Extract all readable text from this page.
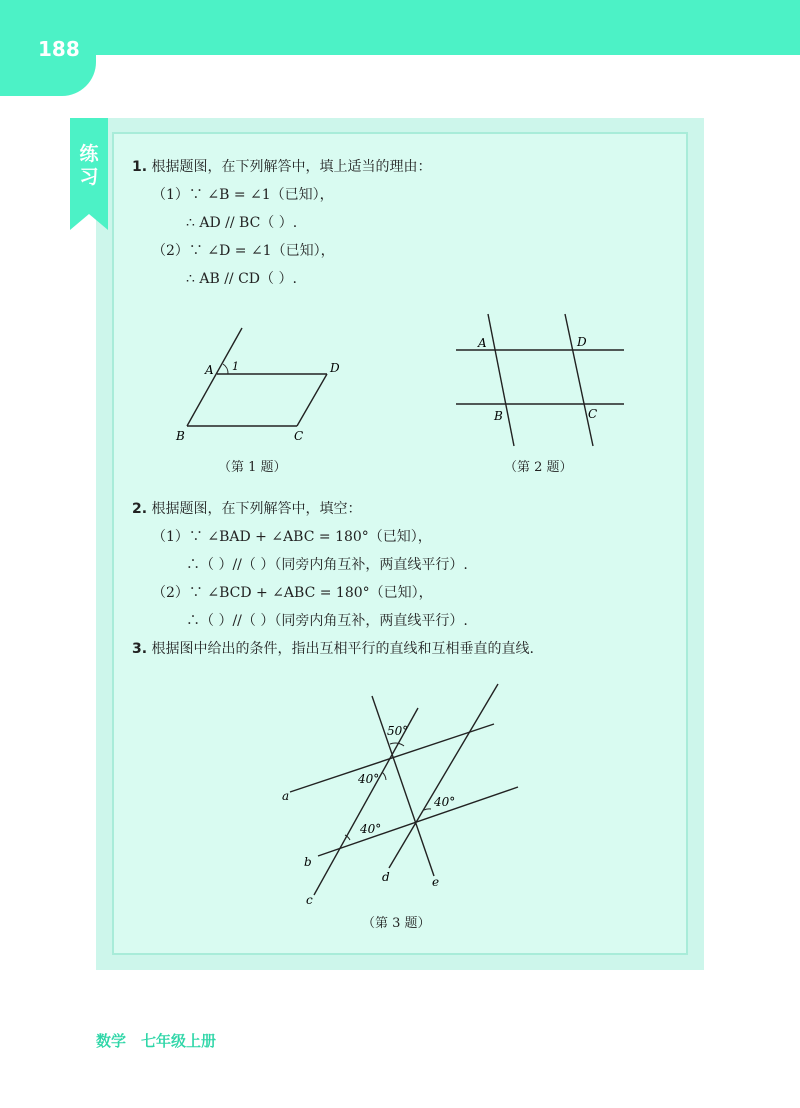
188
练习 1. 根据题图，在下列解答中，填上适当的理由：
（1）∵ ∠B = ∠1（已知），
∴ AD // BC（ ）.
（2）∵ ∠D = ∠1（已知），
∴ AB // CD（ ）.
A 1	D
B	C
（第 1 题）
A	D
B	C
（第 2 题）
2. 根据题图，在下列解答中，填空：
（1）∵ ∠BAD + ∠ABC = 180°（已知），
∴（ ）//（ ）（同旁内角互补，两直线平行）.
（2）∵ ∠BCD + ∠ABC = 180°（已知），
∴（ ）//（ ）（同旁内角互补，两直线平行）.
3. 根据图中给出的条件，指出互相平行的直线和互相垂直的直线.
50°
40°
40°
40°
a
b
c
d	e
（第 3 题）
数学　七年级上册
